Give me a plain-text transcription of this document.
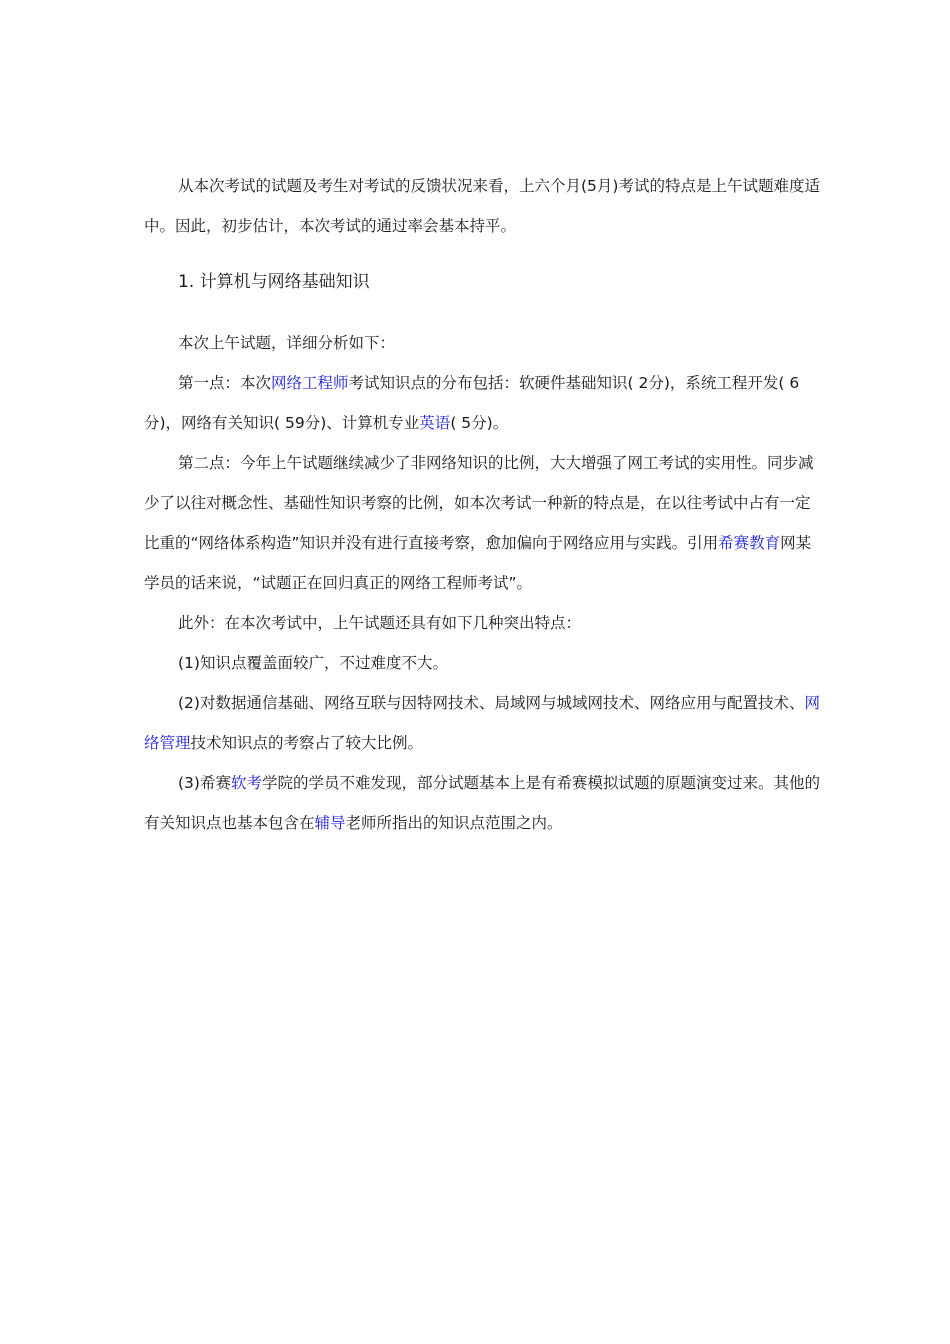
从本次考试的试题及考生对考试的反馈状况来看，上六个月(5月)考试的特点是上午试题难度适中。因此，初步估计，本次考试的通过率会基本持平。

1. 计算机与网络基础知识

本次上午试题，详细分析如下：

第一点：本次网络工程师考试知识点的分布包括：软硬件基础知识( 2分)，系统工程开发( 6分)，网络有关知识( 59分)、计算机专业英语( 5分)。

第二点：今年上午试题继续减少了非网络知识的比例，大大增强了网工考试的实用性。同步减少了以往对概念性、基础性知识考察的比例，如本次考试一种新的特点是，在以往考试中占有一定比重的“网络体系构造”知识并没有进行直接考察，愈加偏向于网络应用与实践。引用希赛教育网某学员的话来说，“试题正在回归真正的网络工程师考试”。

此外：在本次考试中，上午试题还具有如下几种突出特点：

(1)知识点覆盖面较广，不过难度不大。

(2)对数据通信基础、网络互联与因特网技术、局域网与城域网技术、网络应用与配置技术、网络管理技术知识点的考察占了较大比例。

(3)希赛软考学院的学员不难发现，部分试题基本上是有希赛模拟试题的原题演变过来。其他的有关知识点也基本包含在辅导老师所指出的知识点范围之内。
